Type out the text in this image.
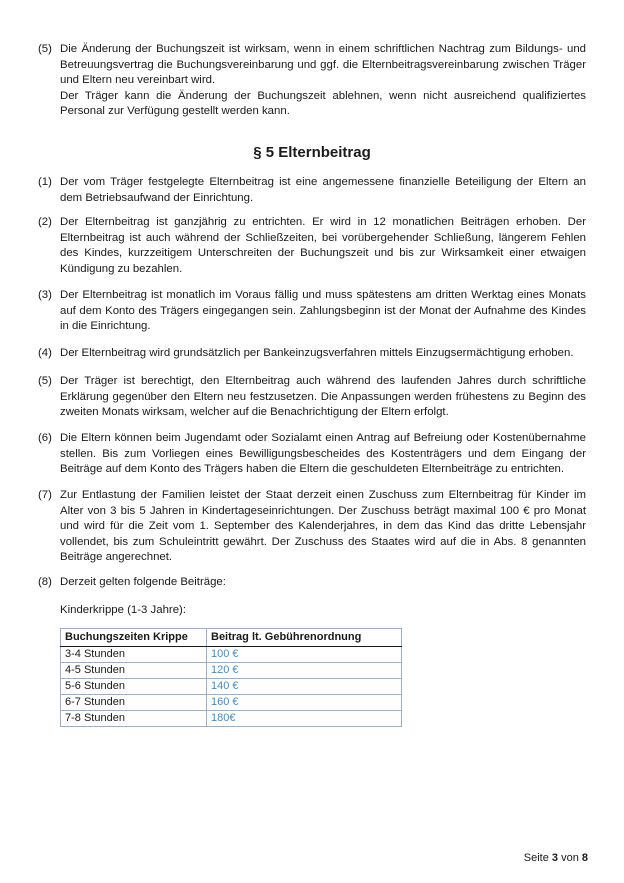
(5) Die Änderung der Buchungszeit ist wirksam, wenn in einem schriftlichen Nachtrag zum Bildungs- und Betreuungsvertrag die Buchungsvereinbarung und ggf. die Elternbeitragsvereinbarung zwischen Träger und Eltern neu vereinbart wird.

Der Träger kann die Änderung der Buchungszeit ablehnen, wenn nicht ausreichend qualifiziertes Personal zur Verfügung gestellt werden kann.

§ 5 Elternbeitrag
(1) Der vom Träger festgelegte Elternbeitrag ist eine angemessene finanzielle Beteiligung der Eltern an dem Betriebsaufwand der Einrichtung.

(2) Der Elternbeitrag ist ganzjährig zu entrichten. Er wird in 12 monatlichen Beiträgen erhoben. Der Elternbeitrag ist auch während der Schließzeiten, bei vorübergehender Schließung, längerem Fehlen des Kindes, kurzzeitigem Unterschreiten der Buchungszeit und bis zur Wirksamkeit einer etwaigen Kündigung zu bezahlen.

(3) Der Elternbeitrag ist monatlich im Voraus fällig und muss spätestens am dritten Werktag eines Monats auf dem Konto des Trägers eingegangen sein. Zahlungsbeginn ist der Monat der Aufnahme des Kindes in die Einrichtung.

(4) Der Elternbeitrag wird grundsätzlich per Bankeinzugsverfahren mittels Einzugsermächtigung erhoben.

(5) Der Träger ist berechtigt, den Elternbeitrag auch während des laufenden Jahres durch schriftliche Erklärung gegenüber den Eltern neu festzusetzen. Die Anpassungen werden frühestens zu Beginn des zweiten Monats wirksam, welcher auf die Benachrichtigung der Eltern erfolgt.

(6) Die Eltern können beim Jugendamt oder Sozialamt einen Antrag auf Befreiung oder Kostenübernahme stellen. Bis zum Vorliegen eines Bewilligungsbescheides des Kostenträgers und dem Eingang der Beiträge auf dem Konto des Trägers haben die Eltern die geschuldeten Elternbeiträge zu entrichten.

(7) Zur Entlastung der Familien leistet der Staat derzeit einen Zuschuss zum Elternbeitrag für Kinder im Alter von 3 bis 5 Jahren in Kindertageseinrichtungen. Der Zuschuss beträgt maximal 100 € pro Monat und wird für die Zeit vom 1. September des Kalenderjahres, in dem das Kind das dritte Lebensjahr vollendet, bis zum Schuleintritt gewährt. Der Zuschuss des Staates wird auf die in Abs. 8 genannten Beiträge angerechnet.

(8) Derzeit gelten folgende Beiträge:

Kinderkrippe (1-3 Jahre):
Buchungszeiten Krippe	Beitrag lt. Gebührenordnung
3-4 Stunden	100 €
4-5 Stunden	120 €
5-6 Stunden	140 €
6-7 Stunden	160 €
7-8 Stunden	180€
Seite 3 von 8
